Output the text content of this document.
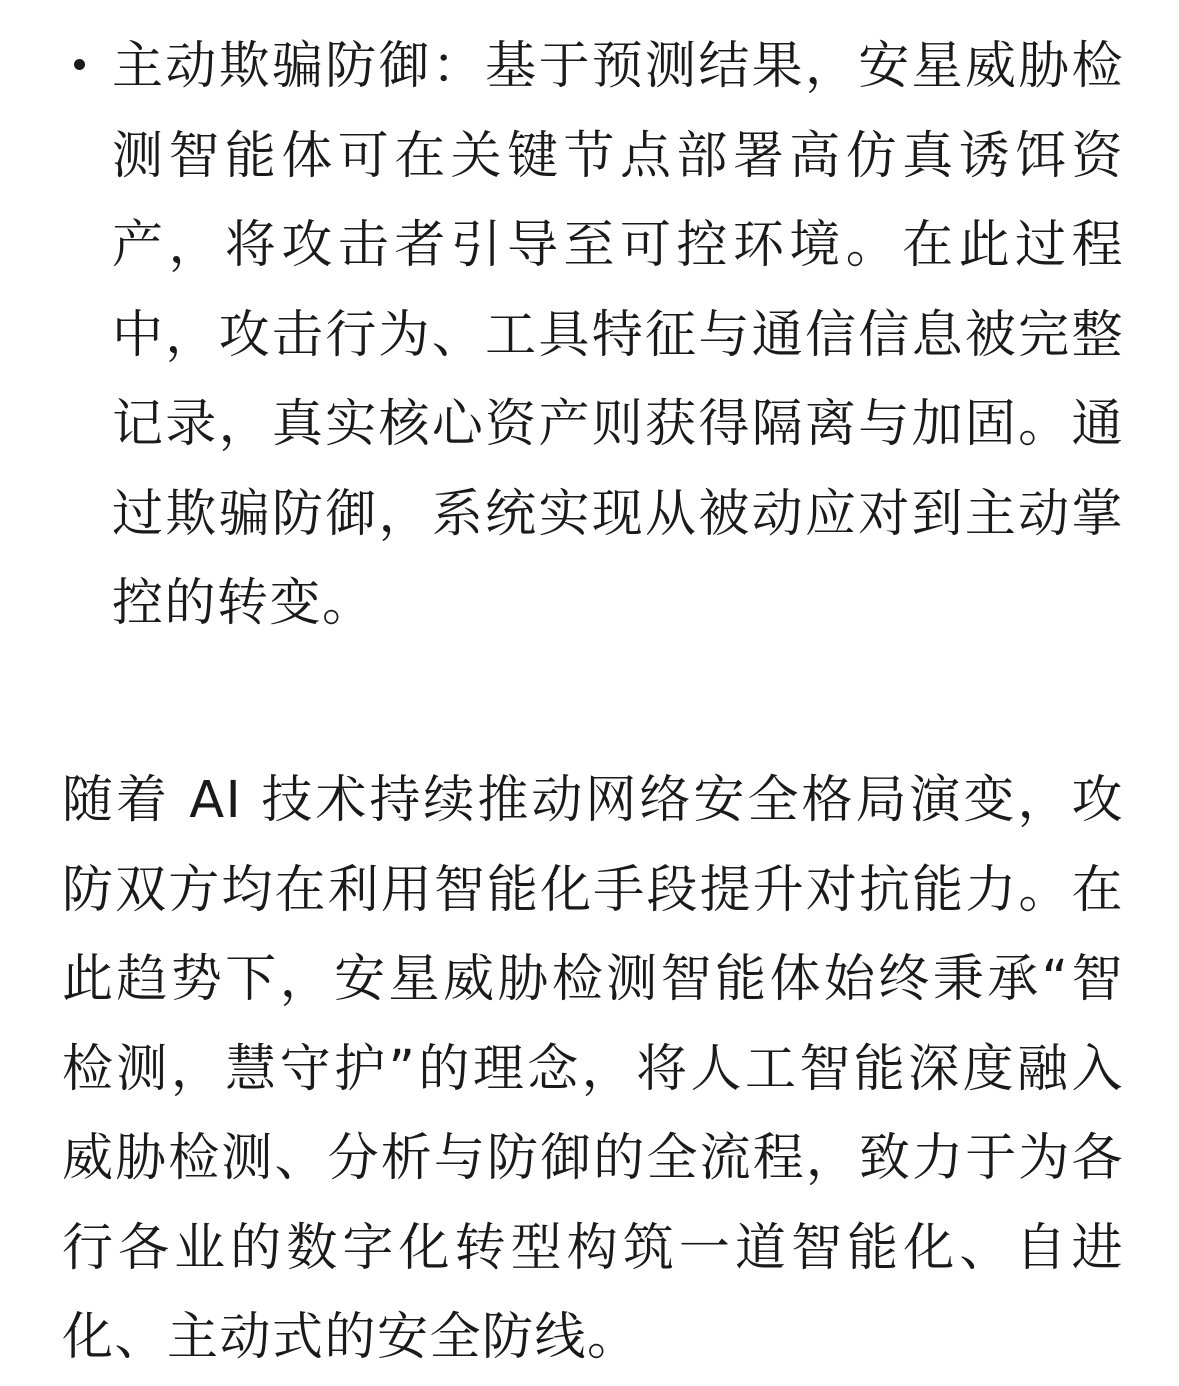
主动欺骗防御：基于预测结果，安星威胁检测智能体可在关键节点部署高仿真诱饵资产，将攻击者引导至可控环境。在此过程中，攻击行为、工具特征与通信信息被完整记录，真实核心资产则获得隔离与加固。通过欺骗防御，系统实现从被动应对到主动掌控的转变。

随着 AI 技术持续推动网络安全格局演变，攻防双方均在利用智能化手段提升对抗能力。在此趋势下，安星威胁检测智能体始终秉承“智检测，慧守护”的理念，将人工智能深度融入威胁检测、分析与防御的全流程，致力于为各行各业的数字化转型构筑一道智能化、自进化、主动式的安全防线。
